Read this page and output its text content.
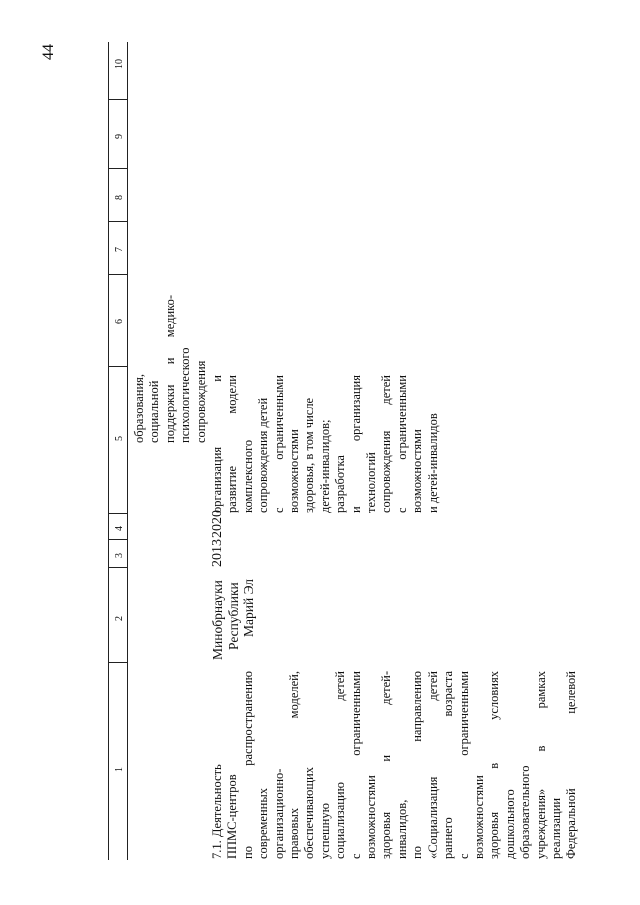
44
1
2
3
4
5
6
7
8
9
10
образования, социальной поддержки и медико- психологического сопровождения
7.1. Деятельность ППМС-центров по распространению современных организационно- правовых моделей, обеспечивающих успешную социализацию детей с ограниченными возможностями здоровья и детей- инвалидов, по направлению «Социализация детей раннего возраста с ограниченными возможностями здоровья в условиях дошкольного образовательного учреждения» в рамках реализации Федеральной целевой
Минобрнауки Республики Марий Эл
2013
2020
организация и развитие модели комплексного сопровождения детей с ограниченными возможностями здоровья, в том числе детей-инвалидов; разработка и организация технологий сопровождения детей с ограниченными возможностями и детей-инвалидов
